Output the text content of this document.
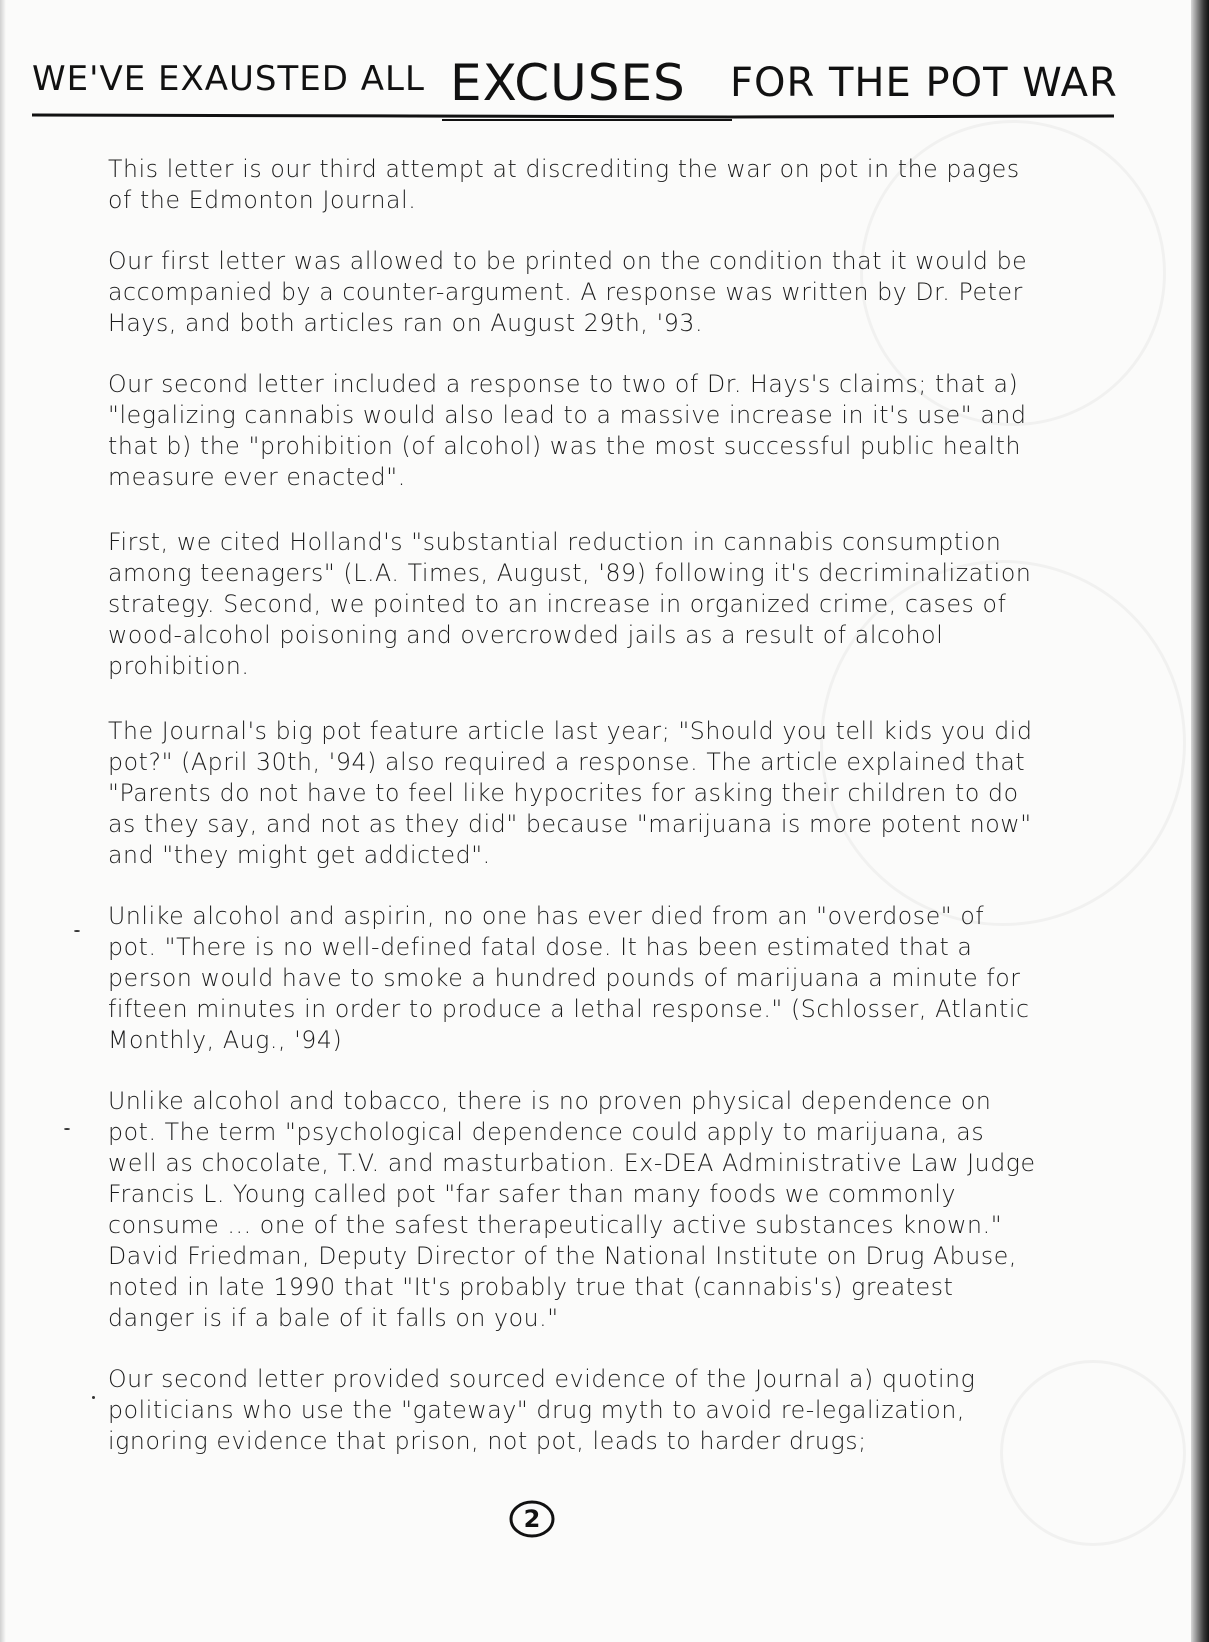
WE'VE EXAUSTED ALL EXCUSES FOR THE POT WAR

This letter is our third attempt at discrediting the war on pot in the pages of the Edmonton Journal.

Our first letter was allowed to be printed on the condition that it would be accompanied by a counter-argument. A response was written by Dr. Peter Hays, and both articles ran on August 29th, '93.

Our second letter included a response to two of Dr. Hays's claims; that a) "legalizing cannabis would also lead to a massive increase in it's use" and that b) the "prohibition (of alcohol) was the most successful public health measure ever enacted".

First, we cited Holland's "substantial reduction in cannabis consumption among teenagers" (L.A. Times, August, '89) following it's decriminalization strategy. Second, we pointed to an increase in organized crime, cases of wood-alcohol poisoning and overcrowded jails as a result of alcohol prohibition.

The Journal's big pot feature article last year; "Should you tell kids you did pot?" (April 30th, '94) also required a response. The article explained that "Parents do not have to feel like hypocrites for asking their children to do as they say, and not as they did" because "marijuana is more potent now" and "they might get addicted".

Unlike alcohol and aspirin, no one has ever died from an "overdose" of pot. "There is no well-defined fatal dose. It has been estimated that a person would have to smoke a hundred pounds of marijuana a minute for fifteen minutes in order to produce a lethal response." (Schlosser, Atlantic Monthly, Aug., '94)

Unlike alcohol and tobacco, there is no proven physical dependence on pot. The term "psychological dependence could apply to marijuana, as well as chocolate, T.V. and masturbation. Ex-DEA Administrative Law Judge Francis L. Young called pot "far safer than many foods we commonly consume ... one of the safest therapeutically active substances known." David Friedman, Deputy Director of the National Institute on Drug Abuse, noted in late 1990 that "It's probably true that (cannabis's) greatest danger is if a bale of it falls on you."

Our second letter provided sourced evidence of the Journal a) quoting politicians who use the "gateway" drug myth to avoid re-legalization, ignoring evidence that prison, not pot, leads to harder drugs;

2
